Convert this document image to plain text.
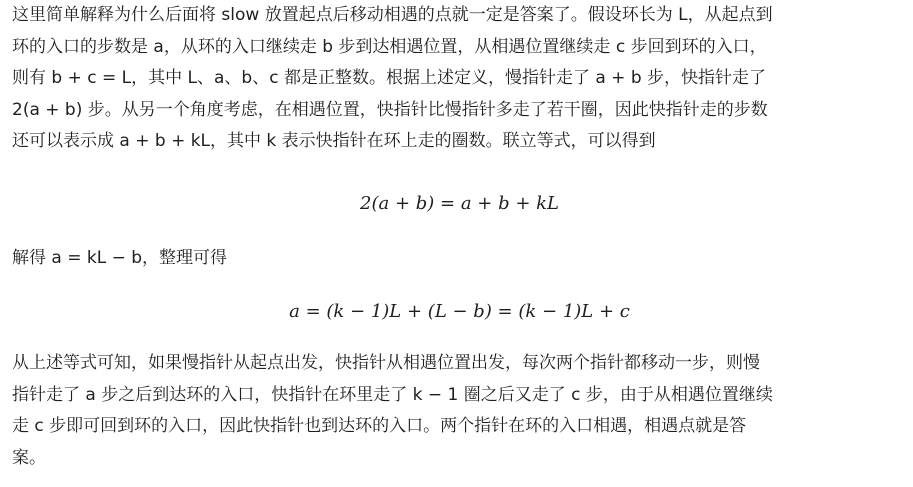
这里简单解释为什么后面将 slow 放置起点后移动相遇的点就一定是答案了。假设环长为 L，从起点到
环的入口的步数是 a，从环的入口继续走 b 步到达相遇位置，从相遇位置继续走 c 步回到环的入口，
则有 b + c = L，其中 L、a、b、c 都是正整数。根据上述定义，慢指针走了 a + b 步，快指针走了
2(a + b) 步。从另一个角度考虑，在相遇位置，快指针比慢指针多走了若干圈，因此快指针走的步数
还可以表示成 a + b + kL，其中 k 表示快指针在环上走的圈数。联立等式，可以得到
2(a + b) = a + b + kL
解得 a = kL − b，整理可得
a = (k − 1)L + (L − b) = (k − 1)L + c
从上述等式可知，如果慢指针从起点出发，快指针从相遇位置出发，每次两个指针都移动一步，则慢
指针走了 a 步之后到达环的入口，快指针在环里走了 k − 1 圈之后又走了 c 步，由于从相遇位置继续
走 c 步即可回到环的入口，因此快指针也到达环的入口。两个指针在环的入口相遇，相遇点就是答
案。
